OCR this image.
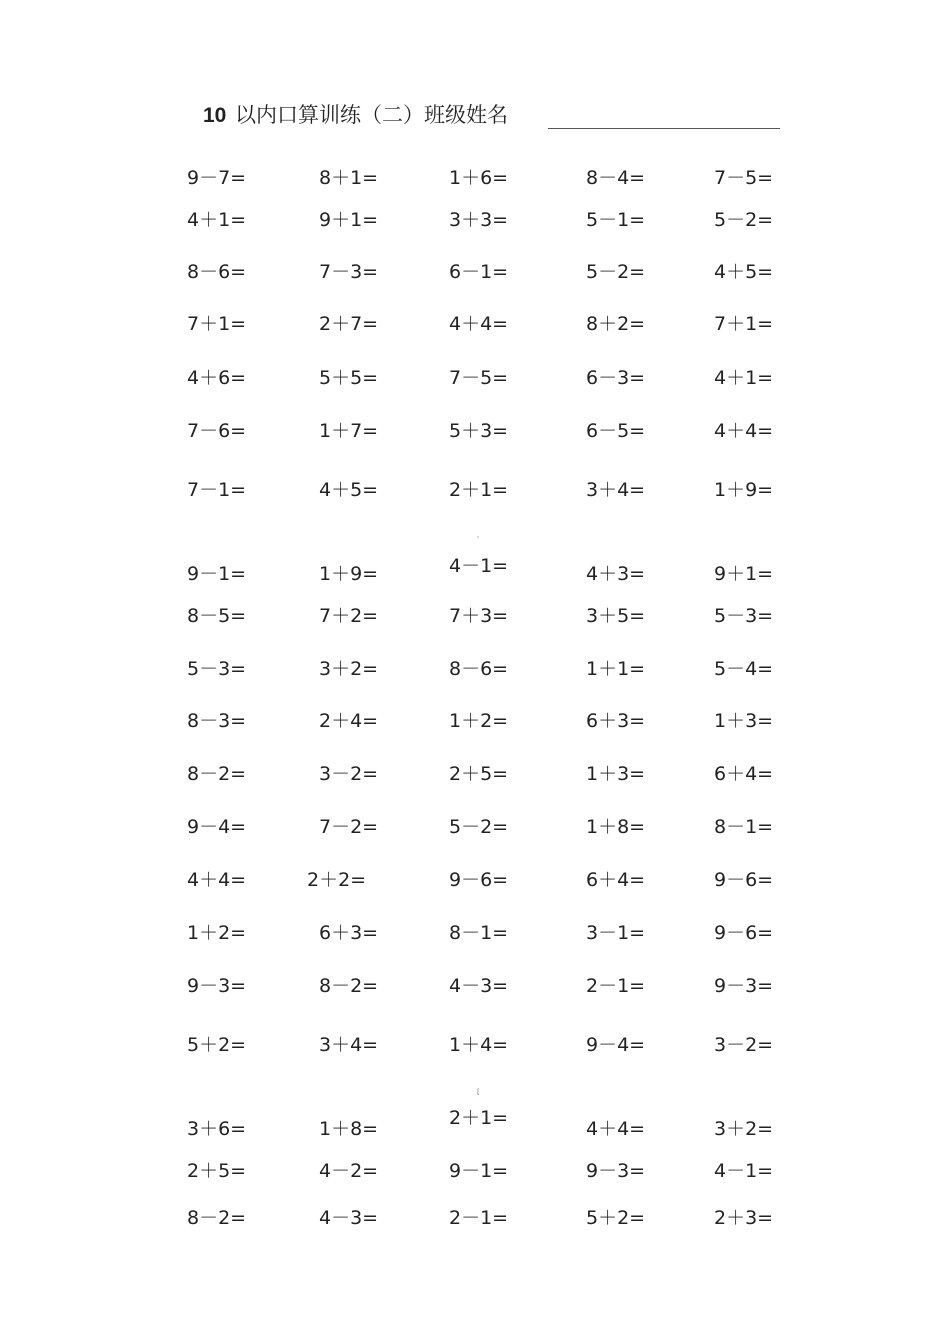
10 以内口算训练（二）班级姓名
9－7=	8＋1=	1＋6=	8－4=	7－5=
4＋1=	9＋1=	3＋3=	5－1=	5－2=
8－6=	7－3=	6－1=	5－2=	4＋5=
7＋1=	2＋7=	4＋4=	8＋2=	7＋1=
4＋6=	5＋5=	7－5=	6－3=	4＋1=
7－6=	1＋7=	5＋3=	6－5=	4＋4=
7－1=	4＋5=	2＋1=	3＋4=	1＋9=
9－1=	1＋9=	4－1=	4＋3=	9＋1=
8－5=	7＋2=	7＋3=	3＋5=	5－3=
5－3=	3＋2=	8－6=	1＋1=	5－4=
8－3=	2＋4=	1＋2=	6＋3=	1＋3=
8－2=	3－2=	2＋5=	1＋3=	6＋4=
9－4=	7－2=	5－2=	1＋8=	8－1=
4＋4=	2＋2=	9－6=	6＋4=	9－6=
1＋2=	6＋3=	8－1=	3－1=	9－6=
9－3=	8－2=	4－3=	2－1=	9－3=
5＋2=	3＋4=	1＋4=	9－4=	3－2=
3＋6=	1＋8=	2＋1=	4＋4=	3＋2=
2＋5=	4－2=	9－1=	9－3=	4－1=
8－2=	4－3=	2－1=	5＋2=	2＋3=
'
[
